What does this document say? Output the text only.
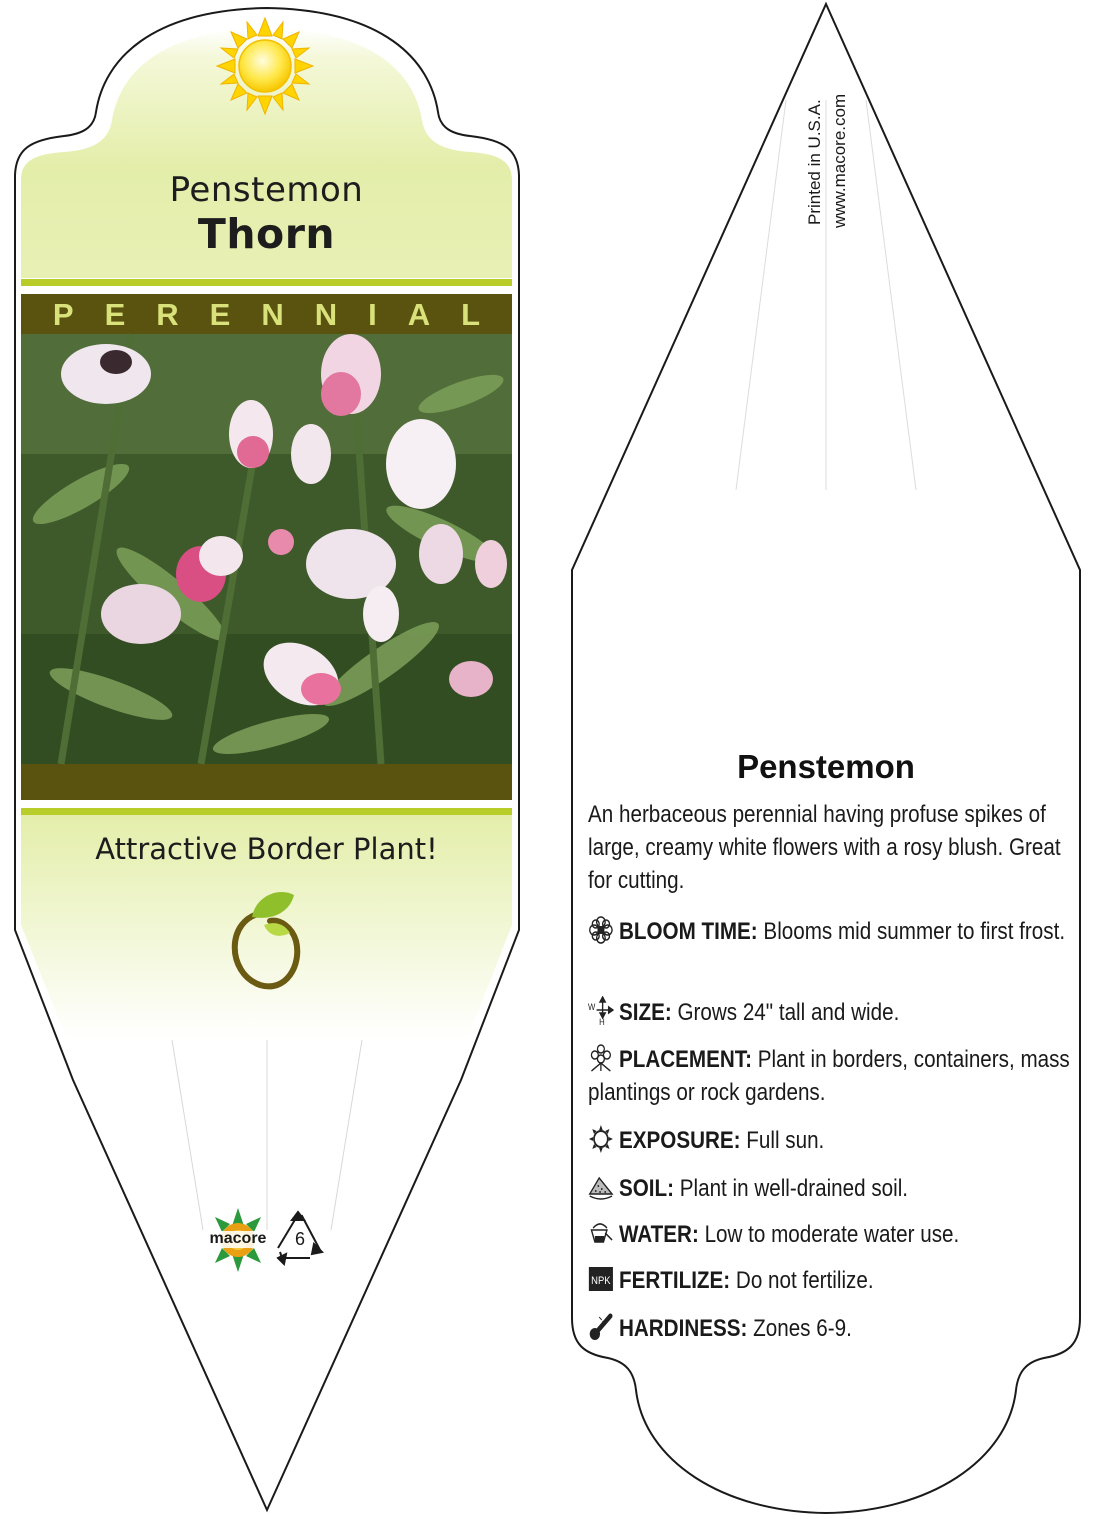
Penstemon
Thorn
PERENNIAL
Attractive Border Plant!
macore	6
Printed in U.S.A. www.macore.com
Penstemon
An herbaceous perennial having profuse spikes of large, creamy white flowers with a rosy blush. Great for cutting.
BLOOM TIME: Blooms mid summer to first frost.
W
H SIZE: Grows 24" tall and wide.
PLACEMENT: Plant in borders, containers, mass plantings or rock gardens.
EXPOSURE: Full sun.
SOIL: Plant in well-drained soil.
WATER: Low to moderate water use.
NPK FERTILIZE: Do not fertilize.
HARDINESS: Zones 6-9.
